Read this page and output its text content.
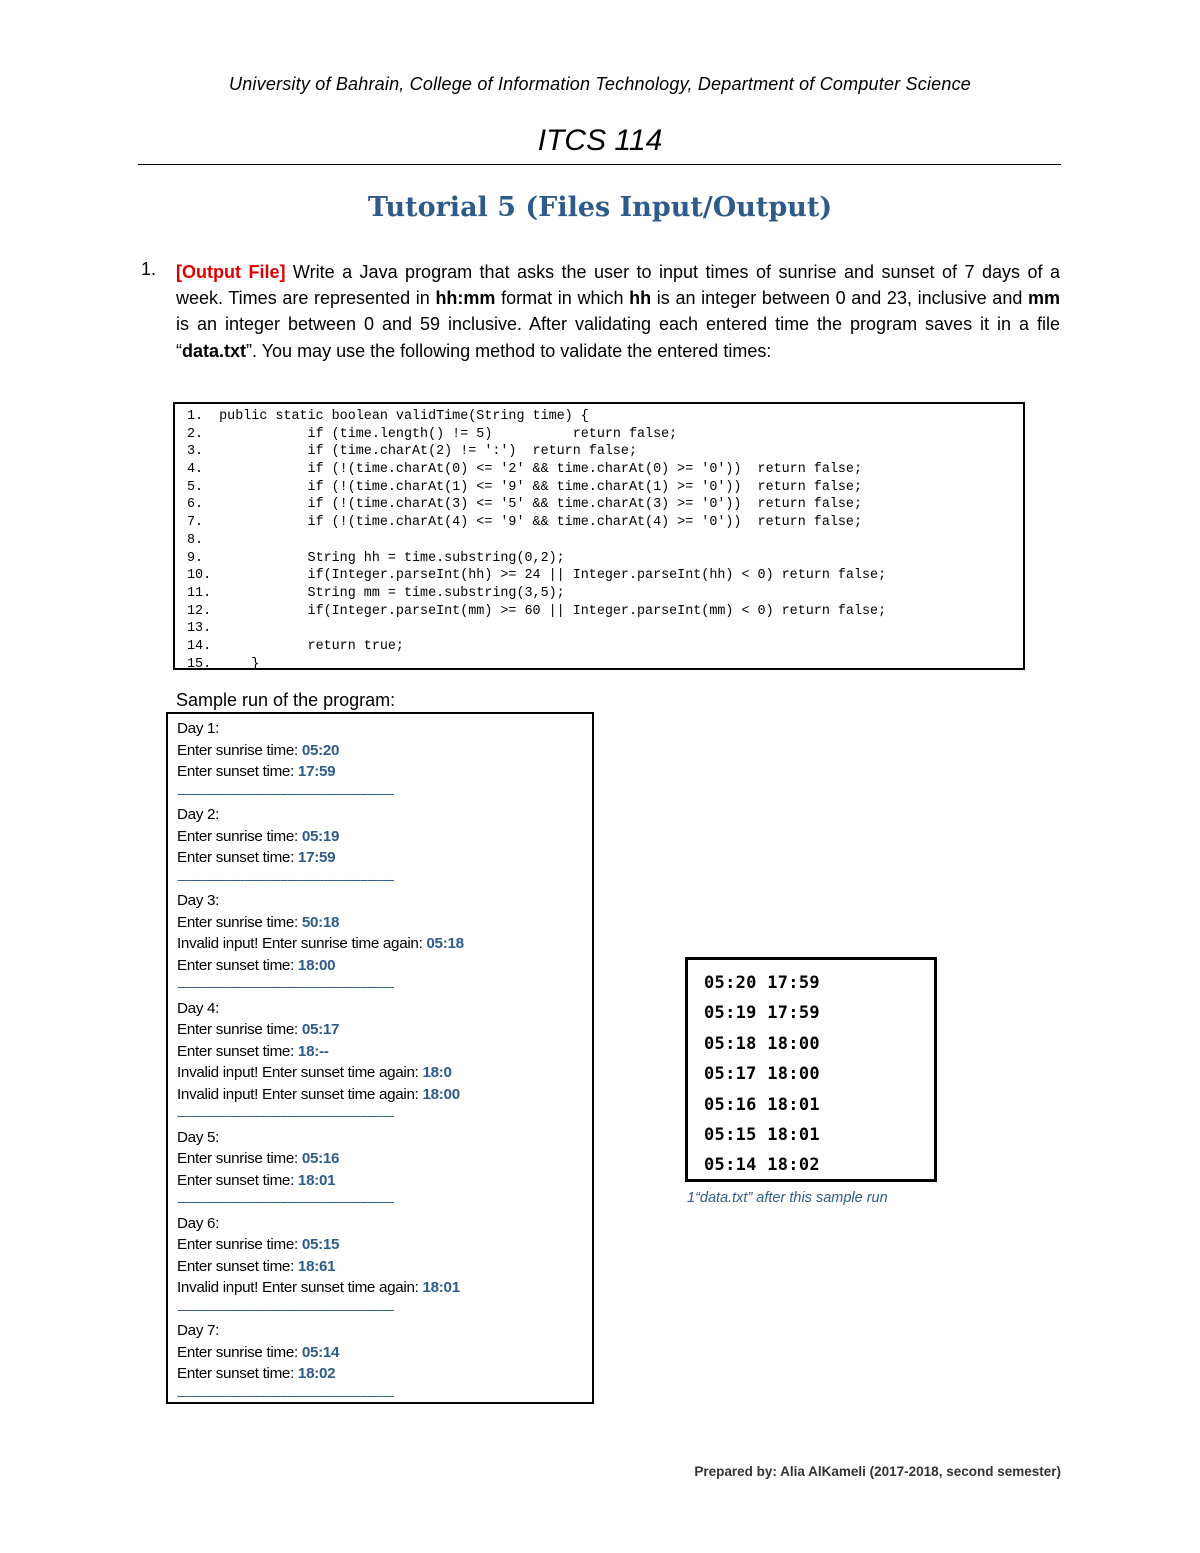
University of Bahrain, College of Information Technology, Department of Computer Science
ITCS 114
Tutorial 5 (Files Input/Output)
1. [Output File] Write a Java program that asks the user to input times of sunrise and sunset of 7 days of a week. Times are represented in hh:mm format in which hh is an integer between 0 and 23, inclusive and mm is an integer between 0 and 59 inclusive. After validating each entered time the program saves it in a file “data.txt”. You may use the following method to validate the entered times:
1.  public static boolean validTime(String time) {
2.             if (time.length() != 5)          return false;
3.             if (time.charAt(2) != ':')  return false;
4.             if (!(time.charAt(0) <= '2' && time.charAt(0) >= '0'))  return false;
5.             if (!(time.charAt(1) <= '9' && time.charAt(1) >= '0'))  return false;
6.             if (!(time.charAt(3) <= '5' && time.charAt(3) >= '0'))  return false;
7.             if (!(time.charAt(4) <= '9' && time.charAt(4) >= '0'))  return false;
8.
9.             String hh = time.substring(0,2);
10.            if(Integer.parseInt(hh) >= 24 || Integer.parseInt(hh) < 0) return false;
11.            String mm = time.substring(3,5);
12.            if(Integer.parseInt(mm) >= 60 || Integer.parseInt(mm) < 0) return false;
13.
14.            return true;
15.     }
Sample run of the program:
Day 1:
Enter sunrise time: 05:20
Enter sunset time: 17:59
-----------------------------------------------------------------
Day 2:
Enter sunrise time: 05:19
Enter sunset time: 17:59
-----------------------------------------------------------------
Day 3:
Enter sunrise time: 50:18
Invalid input! Enter sunrise time again: 05:18
Enter sunset time: 18:00
-----------------------------------------------------------------
Day 4:
Enter sunrise time: 05:17
Enter sunset time: 18:--
Invalid input! Enter sunset time again: 18:0
Invalid input! Enter sunset time again: 18:00
-----------------------------------------------------------------
Day 5:
Enter sunrise time: 05:16
Enter sunset time: 18:01
-----------------------------------------------------------------
Day 6:
Enter sunrise time: 05:15
Enter sunset time: 18:61
Invalid input! Enter sunset time again: 18:01
-----------------------------------------------------------------
Day 7:
Enter sunrise time: 05:14
Enter sunset time: 18:02
-----------------------------------------------------------------
05:20 17:59
05:19 17:59
05:18 18:00
05:17 18:00
05:16 18:01
05:15 18:01
05:14 18:02
1“data.txt” after this sample run
Prepared by: Alia AlKameli (2017-2018, second semester)
